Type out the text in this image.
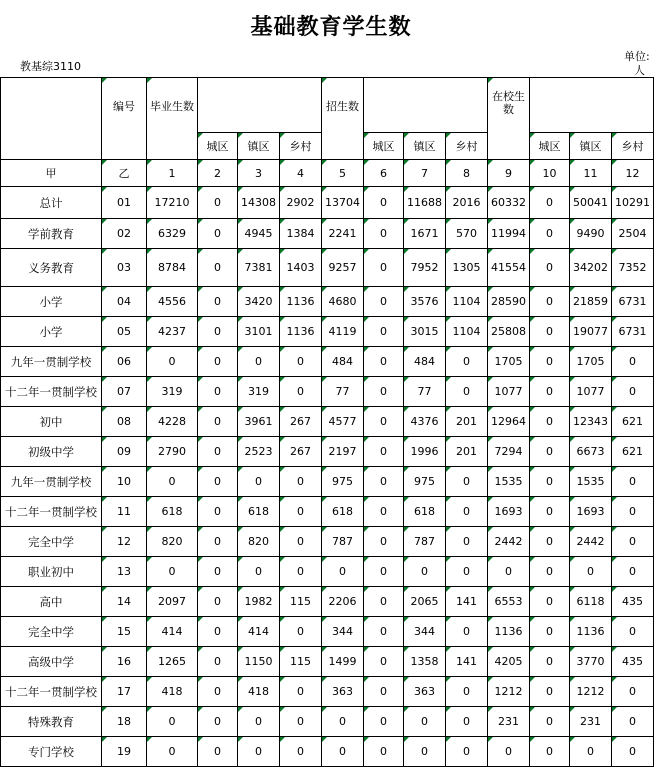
基础教育学生数
教基综3110
单位:
人
	编号	毕业生数				招生数				在校生数			
			城区	镇区	乡村		城区	镇区	乡村		城区	镇区	乡村
甲	乙	1	2	3	4	5	6	7	8	9	10	11	12
总计	01	17210	0	14308	2902	13704	0	11688	2016	60332	0	50041	10291
学前教育	02	6329	0	4945	1384	2241	0	1671	570	11994	0	9490	2504
义务教育	03	8784	0	7381	1403	9257	0	7952	1305	41554	0	34202	7352
小学	04	4556	0	3420	1136	4680	0	3576	1104	28590	0	21859	6731
小学	05	4237	0	3101	1136	4119	0	3015	1104	25808	0	19077	6731
九年一贯制学校	06	0	0	0	0	484	0	484	0	1705	0	1705	0
十二年一贯制学校	07	319	0	319	0	77	0	77	0	1077	0	1077	0
初中	08	4228	0	3961	267	4577	0	4376	201	12964	0	12343	621
初级中学	09	2790	0	2523	267	2197	0	1996	201	7294	0	6673	621
九年一贯制学校	10	0	0	0	0	975	0	975	0	1535	0	1535	0
十二年一贯制学校	11	618	0	618	0	618	0	618	0	1693	0	1693	0
完全中学	12	820	0	820	0	787	0	787	0	2442	0	2442	0
职业初中	13	0	0	0	0	0	0	0	0	0	0	0	0
高中	14	2097	0	1982	115	2206	0	2065	141	6553	0	6118	435
完全中学	15	414	0	414	0	344	0	344	0	1136	0	1136	0
高级中学	16	1265	0	1150	115	1499	0	1358	141	4205	0	3770	435
十二年一贯制学校	17	418	0	418	0	363	0	363	0	1212	0	1212	0
特殊教育	18	0	0	0	0	0	0	0	0	231	0	231	0
专门学校	19	0	0	0	0	0	0	0	0	0	0	0	0
